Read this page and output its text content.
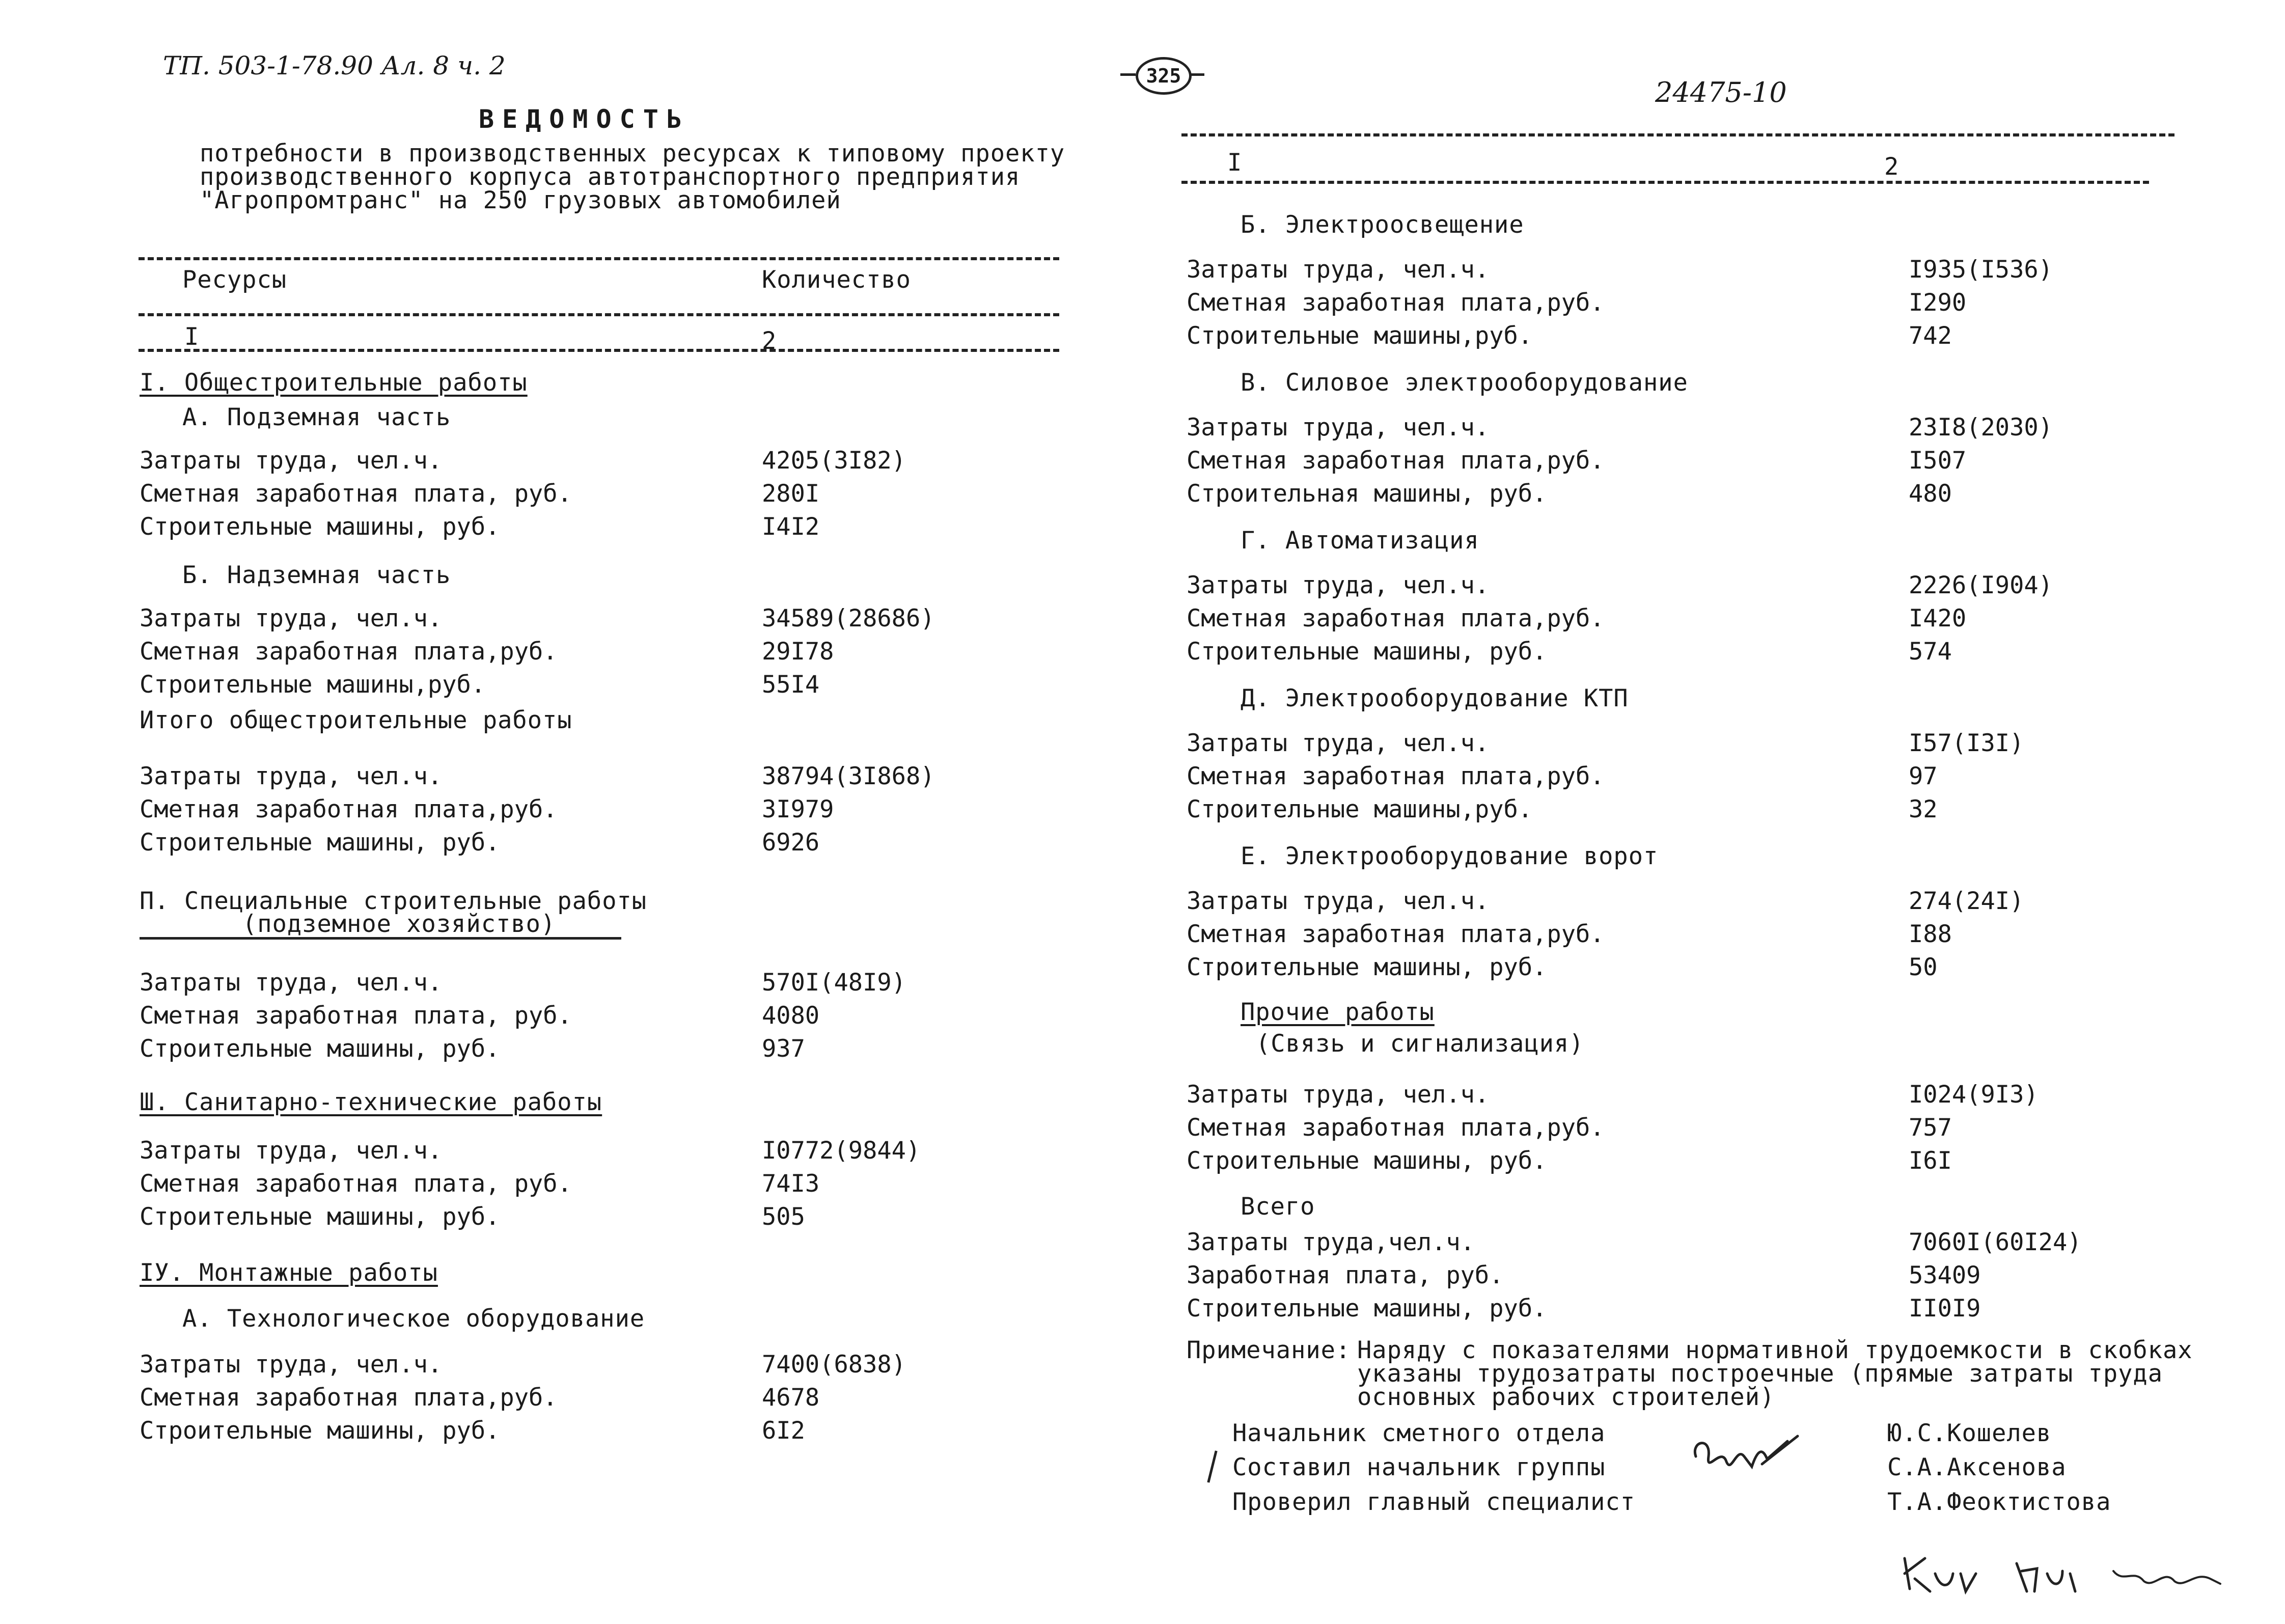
ТП. 503-1-78.90 Ал. 8 ч. 2	325
24475-10
ВЕДОМОСТЬ
потребности в производственных ресурсах к типовому проекту
производственного корпуса автотранспортного предприятия
"Агропромтранс" на 250 грузовых автомобилей
Ресурсы	Количество
I	2
I. Общестроительные работы
А. Подземная часть
Затраты труда, чел.ч.	4205(3I82)
Сметная заработная плата, руб.	280I
Строительные машины, руб.	I4I2
Б. Надземная часть
Затраты труда, чел.ч.	34589(28686)
Сметная заработная плата,руб.	29I78
Строительные машины,руб.	55I4
Итого общестроительные работы
Затраты труда, чел.ч.	38794(3I868)
Сметная заработная плата,руб.	3I979
Строительные машины, руб.	6926
П. Специальные строительные работы
(подземное хозяйство)
Затраты труда, чел.ч.	570I(48I9)
Сметная заработная плата, руб.	4080
Строительные машины, руб.	937
Ш. Санитарно-технические работы
Затраты труда, чел.ч.	I0772(9844)
Сметная заработная плата, руб.	74I3
Строительные машины, руб.	505
IУ. Монтажные работы
А. Технологическое оборудование
Затраты труда, чел.ч.	7400(6838)
Сметная заработная плата,руб.	4678
Строительные машины, руб.	6I2
I	2
Б. Электроосвещение
Затраты труда, чел.ч.	I935(I536)
Сметная заработная плата,руб.	I290
Строительные машины,руб.	742
В. Силовое электрооборудование
Затраты труда, чел.ч.	23I8(2030)
Сметная заработная плата,руб.	I507
Строительная машины, руб.	480
Г. Автоматизация
Затраты труда, чел.ч.	2226(I904)
Сметная заработная плата,руб.	I420
Строительные машины, руб.	574
Д. Электрооборудование КТП
Затраты труда, чел.ч.	I57(I3I)
Сметная заработная плата,руб.	97
Строительные машины,руб.	32
Е. Электрооборудование ворот
Затраты труда, чел.ч.	274(24I)
Сметная заработная плата,руб.	I88
Строительные машины, руб.	50
Прочие работы
(Связь и сигнализация)
Затраты труда, чел.ч.	I024(9I3)
Сметная заработная плата,руб.	757
Строительные машины, руб.	I6I
Всего
Затраты труда,чел.ч.	7060I(60I24)
Заработная плата, руб.	53409
Строительные машины, руб.	II0I9
Примечание: Наряду с показателями нормативной трудоемкости в скобках
указаны трудозатраты построечные (прямые затраты труда
основных рабочих строителей)
Начальник сметного отдела	Ю.С.Кошелев
Составил начальник группы	С.А.Аксенова
Проверил главный специалист	Т.А.Феоктистова
